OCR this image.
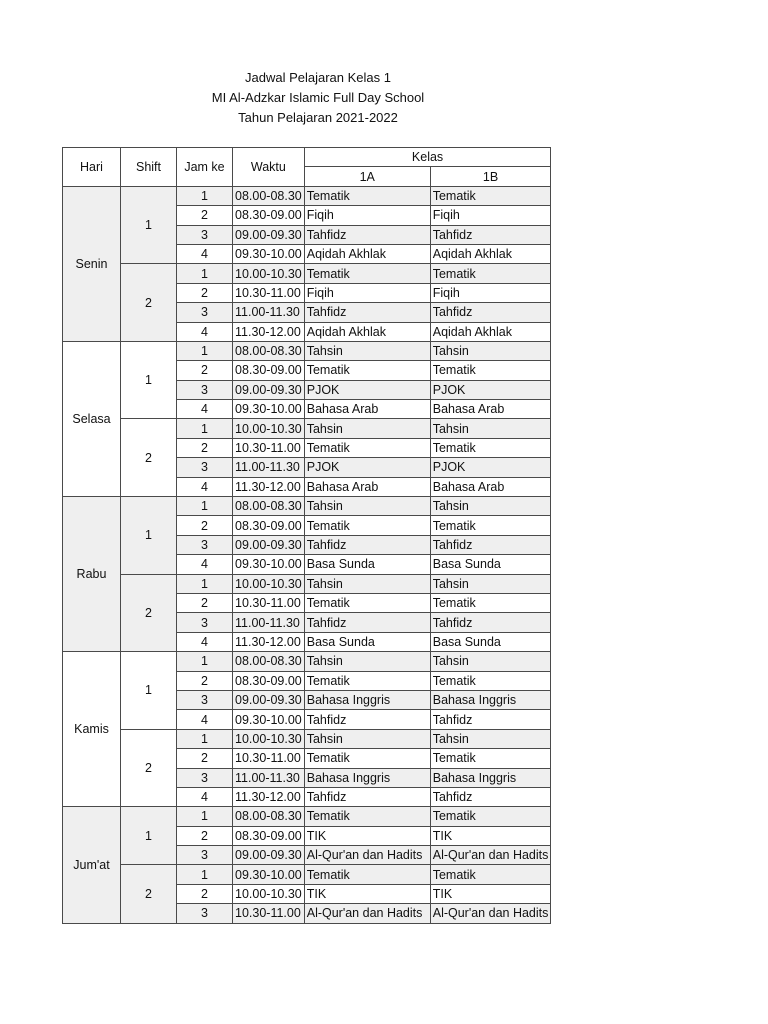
Jadwal Pelajaran Kelas 1
MI Al-Adzkar Islamic Full Day School
Tahun Pelajaran 2021-2022
Hari	Shift	Jam ke	Waktu	Kelas	
				1A	1B
Senin	1	1	08.00-08.30	Tematik	Tematik
		2	08.30-09.00	Fiqih	Fiqih
		3	09.00-09.30	Tahfidz	Tahfidz
		4	09.30-10.00	Aqidah Akhlak	Aqidah Akhlak
	2	1	10.00-10.30	Tematik	Tematik
		2	10.30-11.00	Fiqih	Fiqih
		3	11.00-11.30	Tahfidz	Tahfidz
		4	11.30-12.00	Aqidah Akhlak	Aqidah Akhlak
Selasa	1	1	08.00-08.30	Tahsin	Tahsin
		2	08.30-09.00	Tematik	Tematik
		3	09.00-09.30	PJOK	PJOK
		4	09.30-10.00	Bahasa Arab	Bahasa Arab
	2	1	10.00-10.30	Tahsin	Tahsin
		2	10.30-11.00	Tematik	Tematik
		3	11.00-11.30	PJOK	PJOK
		4	11.30-12.00	Bahasa Arab	Bahasa Arab
Rabu	1	1	08.00-08.30	Tahsin	Tahsin
		2	08.30-09.00	Tematik	Tematik
		3	09.00-09.30	Tahfidz	Tahfidz
		4	09.30-10.00	Basa Sunda	Basa Sunda
	2	1	10.00-10.30	Tahsin	Tahsin
		2	10.30-11.00	Tematik	Tematik
		3	11.00-11.30	Tahfidz	Tahfidz
		4	11.30-12.00	Basa Sunda	Basa Sunda
Kamis	1	1	08.00-08.30	Tahsin	Tahsin
		2	08.30-09.00	Tematik	Tematik
		3	09.00-09.30	Bahasa Inggris	Bahasa Inggris
		4	09.30-10.00	Tahfidz	Tahfidz
	2	1	10.00-10.30	Tahsin	Tahsin
		2	10.30-11.00	Tematik	Tematik
		3	11.00-11.30	Bahasa Inggris	Bahasa Inggris
		4	11.30-12.00	Tahfidz	Tahfidz
Jum'at	1	1	08.00-08.30	Tematik	Tematik
		2	08.30-09.00	TIK	TIK
		3	09.00-09.30	Al-Qur'an dan Hadits	Al-Qur'an dan Hadits
	2	1	09.30-10.00	Tematik	Tematik
		2	10.00-10.30	TIK	TIK
		3	10.30-11.00	Al-Qur'an dan Hadits	Al-Qur'an dan Hadits
